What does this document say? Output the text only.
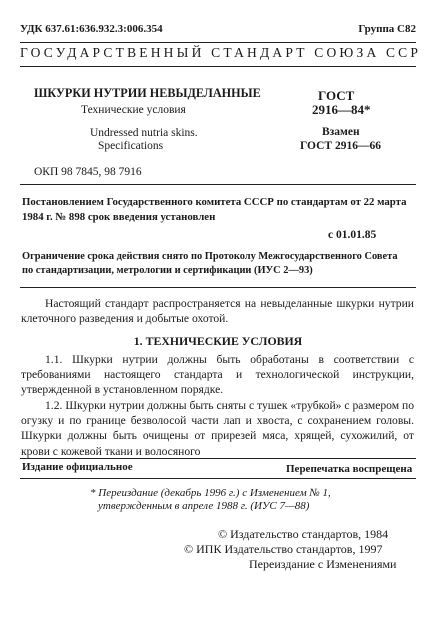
УДК 637.61:636.932.3:006.354	Группа С82
ГОСУДАРСТВЕННЫЙ СТАНДАРТ СОЮЗА ССР
ШКУРКИ НУТРИИ НЕВЫДЕЛАННЫЕ
Технические условия
Undressed nutria skins.
Specifications
ГОСТ
2916—84*
Взамен
ГОСТ 2916—66
ОКП 98 7845, 98 7916
Постановлением Государственного комитета СССР по стандартам от 22 марта
1984 г. № 898 срок введения установлен
с 01.01.85
Ограничение срока действия снято по Протоколу Межгосударственного Совета
по стандартизации, метрологии и сертификации (ИУС 2—93)
Настоящий стандарт распространяется на невыделанные шкурки нутрии клеточного разведения и добытые охотой.
1. ТЕХНИЧЕСКИЕ УСЛОВИЯ
1.1. Шкурки нутрии должны быть обработаны в соответствии с требованиями настоящего стандарта и технологической инструкции, утвержденной в установленном порядке.
1.2. Шкурки нутрии должны быть сняты с тушек «трубкой» с размером по огузку и по границе безволосой части лап и хвоста, с сохранением головы. Шкурки должны быть очищены от прирезей мяса, хрящей, сухожилий, от крови с кожевой ткани и волосяного
Издание официальное	Перепечатка воспрещена
* Переиздание (декабрь 1996 г.) с Изменением № 1,
утвержденным в апреле 1988 г. (ИУС 7—88)
© Издательство стандартов, 1984
© ИПК Издательство стандартов, 1997
Переиздание с Изменениями
